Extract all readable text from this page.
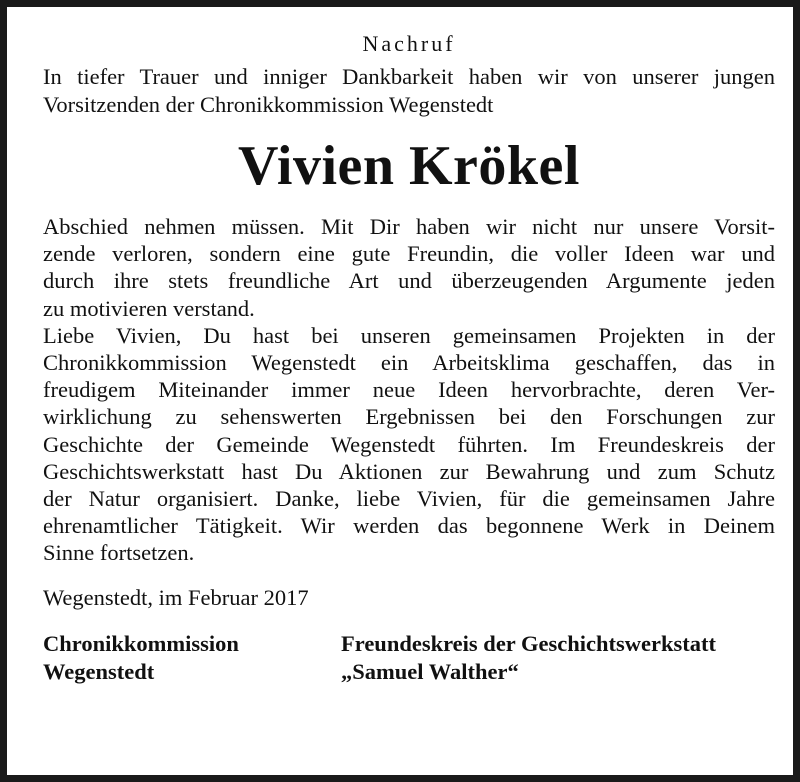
Nachruf
In tiefer Trauer und inniger Dankbarkeit haben wir von unserer jungen
Vorsitzenden der Chronikkommission Wegenstedt
Vivien Krökel
Abschied nehmen müssen. Mit Dir haben wir nicht nur unsere Vorsit-
zende verloren, sondern eine gute Freundin, die voller Ideen war und
durch ihre stets freundliche Art und überzeugenden Argumente jeden
zu motivieren verstand.
Liebe Vivien, Du hast bei unseren gemeinsamen Projekten in der
Chronikkommission Wegenstedt ein Arbeitsklima geschaffen, das in
freudigem Miteinander immer neue Ideen hervorbrachte, deren Ver-
wirklichung zu sehenswerten Ergebnissen bei den Forschungen zur
Geschichte der Gemeinde Wegenstedt führten. Im Freundeskreis der
Geschichtswerkstatt hast Du Aktionen zur Bewahrung und zum Schutz
der Natur organisiert. Danke, liebe Vivien, für die gemeinsamen Jahre
ehrenamtlicher Tätigkeit. Wir werden das begonnene Werk in Deinem
Sinne fortsetzen.
Wegenstedt, im Februar 2017
Chronikkommission
Wegenstedt
Freundeskreis der Geschichtswerkstatt
„Samuel Walther“
